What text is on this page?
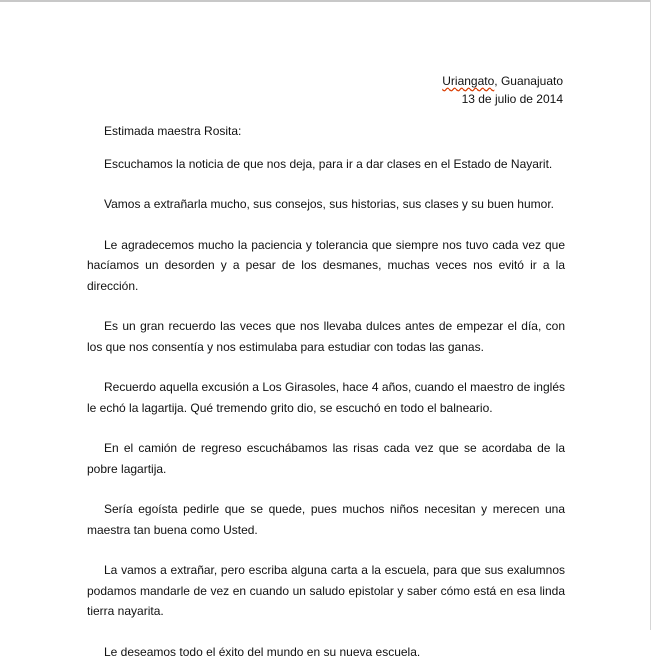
Uriangato, Guanajuato
13 de julio de 2014

Estimada maestra Rosita:

Escuchamos la noticia de que nos deja, para ir a dar clases en el Estado de Nayarit.

Vamos a extrañarla mucho, sus consejos, sus historias, sus clases y su buen humor.

Le agradecemos mucho la paciencia y tolerancia que siempre nos tuvo cada vez que hacíamos un desorden y a pesar de los desmanes, muchas veces nos evitó ir a la dirección.

Es un gran recuerdo las veces que nos llevaba dulces antes de empezar el día, con los que nos consentía y nos estimulaba para estudiar con todas las ganas.

Recuerdo aquella excusión a Los Girasoles, hace 4 años, cuando el maestro de inglés le echó la lagartija. Qué tremendo grito dio, se escuchó en todo el balneario.

En el camión de regreso escuchábamos las risas cada vez que se acordaba de la pobre lagartija.

Sería egoísta pedirle que se quede, pues muchos niños necesitan y merecen una maestra tan buena como Usted.

La vamos a extrañar, pero escriba alguna carta a la escuela, para que sus exalumnos podamos mandarle de vez en cuando un saludo epistolar y saber cómo está en esa linda tierra nayarita.

Le deseamos todo el éxito del mundo en su nueva escuela.
